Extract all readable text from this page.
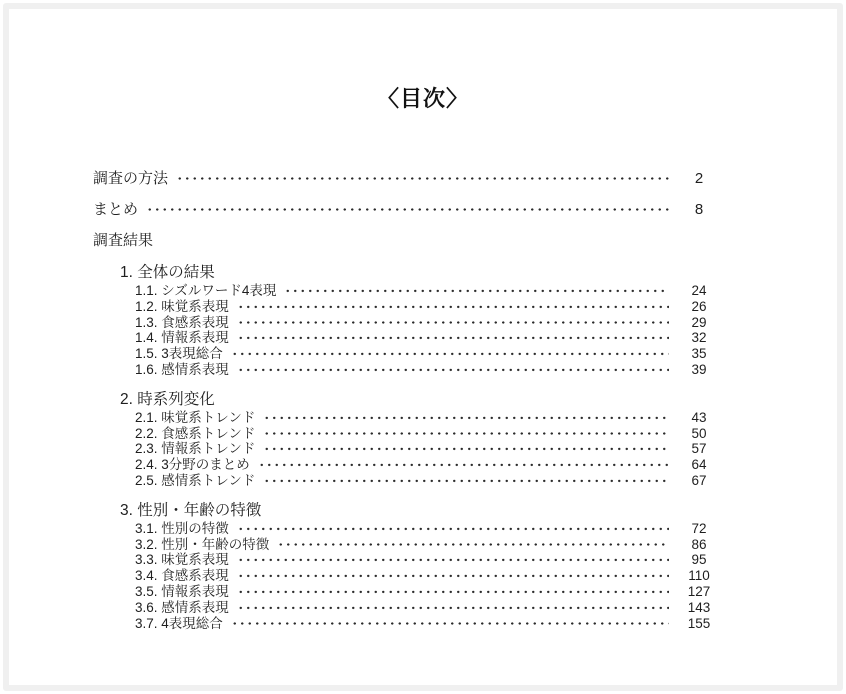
〈目次〉
調査の方法	2
まとめ	8
調査結果
1. 全体の結果
1.1. シズルワード4表現	24
1.2. 味覚系表現	26
1.3. 食感系表現	29
1.4. 情報系表現	32
1.5. 3表現総合	35
1.6. 感情系表現	39
2. 時系列変化
2.1. 味覚系トレンド	43
2.2. 食感系トレンド	50
2.3. 情報系トレンド	57
2.4. 3分野のまとめ	64
2.5. 感情系トレンド	67
3. 性別・年齢の特徴
3.1. 性別の特徴	72
3.2. 性別・年齢の特徴	86
3.3. 味覚系表現	95
3.4. 食感系表現	110
3.5. 情報系表現	127
3.6. 感情系表現	143
3.7. 4表現総合	155
